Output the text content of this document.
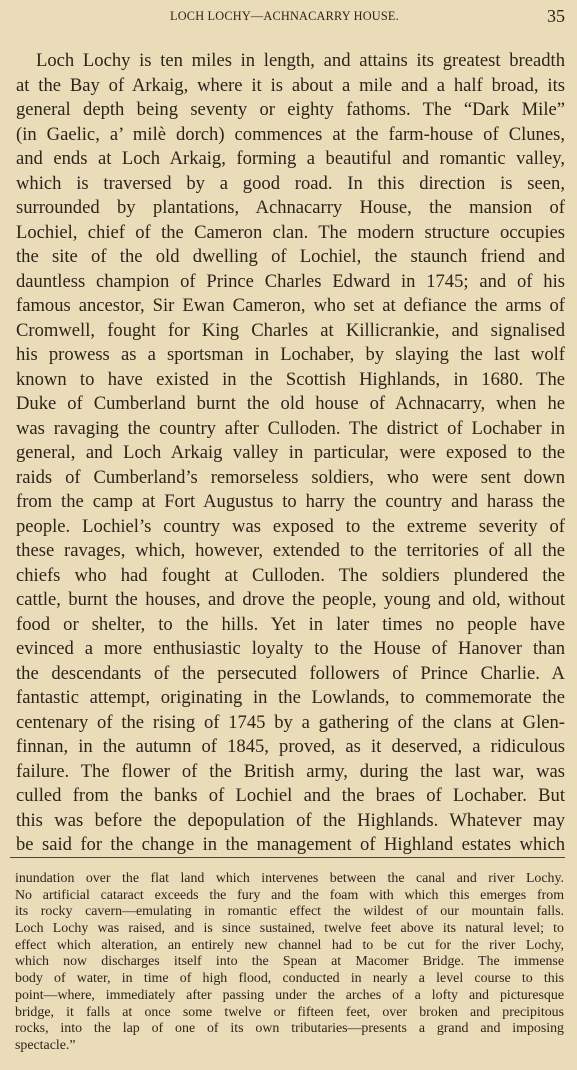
LOCH LOCHY—ACHNACARRY HOUSE.	35
Loch Lochy is ten miles in length, and attains its greatest breadth
at the Bay of Arkaig, where it is about a mile and a half broad, its
general depth being seventy or eighty fathoms. The “Dark Mile”
(in Gaelic, a’ milè dorch) commences at the farm-house of Clunes,
and ends at Loch Arkaig, forming a beautiful and romantic valley,
which is traversed by a good road. In this direction is seen,
surrounded by plantations, Achnacarry House, the mansion of
Lochiel, chief of the Cameron clan. The modern structure occupies
the site of the old dwelling of Lochiel, the staunch friend and
dauntless champion of Prince Charles Edward in 1745; and of his
famous ancestor, Sir Ewan Cameron, who set at defiance the arms of
Cromwell, fought for King Charles at Killicrankie, and signalised
his prowess as a sportsman in Lochaber, by slaying the last wolf
known to have existed in the Scottish Highlands, in 1680. The
Duke of Cumberland burnt the old house of Achnacarry, when he
was ravaging the country after Culloden. The district of Lochaber in
general, and Loch Arkaig valley in particular, were exposed to the
raids of Cumberland’s remorseless soldiers, who were sent down
from the camp at Fort Augustus to harry the country and harass the
people. Lochiel’s country was exposed to the extreme severity of
these ravages, which, however, extended to the territories of all the
chiefs who had fought at Culloden. The soldiers plundered the
cattle, burnt the houses, and drove the people, young and old, without
food or shelter, to the hills. Yet in later times no people have
evinced a more enthusiastic loyalty to the House of Hanover than
the descendants of the persecuted followers of Prince Charlie. A
fantastic attempt, originating in the Lowlands, to commemorate the
centenary of the rising of 1745 by a gathering of the clans at Glen-
finnan, in the autumn of 1845, proved, as it deserved, a ridiculous
failure. The flower of the British army, during the last war, was
culled from the banks of Lochiel and the braes of Lochaber. But
this was before the depopulation of the Highlands. Whatever may
be said for the change in the management of Highland estates which
inundation over the flat land which intervenes between the canal and river Lochy.
No artificial cataract exceeds the fury and the foam with which this emerges from
its rocky cavern—emulating in romantic effect the wildest of our mountain falls.
Loch Lochy was raised, and is since sustained, twelve feet above its natural level; to
effect which alteration, an entirely new channel had to be cut for the river Lochy,
which now discharges itself into the Spean at Macomer Bridge. The immense
body of water, in time of high flood, conducted in nearly a level course to this
point—where, immediately after passing under the arches of a lofty and picturesque
bridge, it falls at once some twelve or fifteen feet, over broken and precipitous
rocks, into the lap of one of its own tributaries—presents a grand and imposing
spectacle.”
